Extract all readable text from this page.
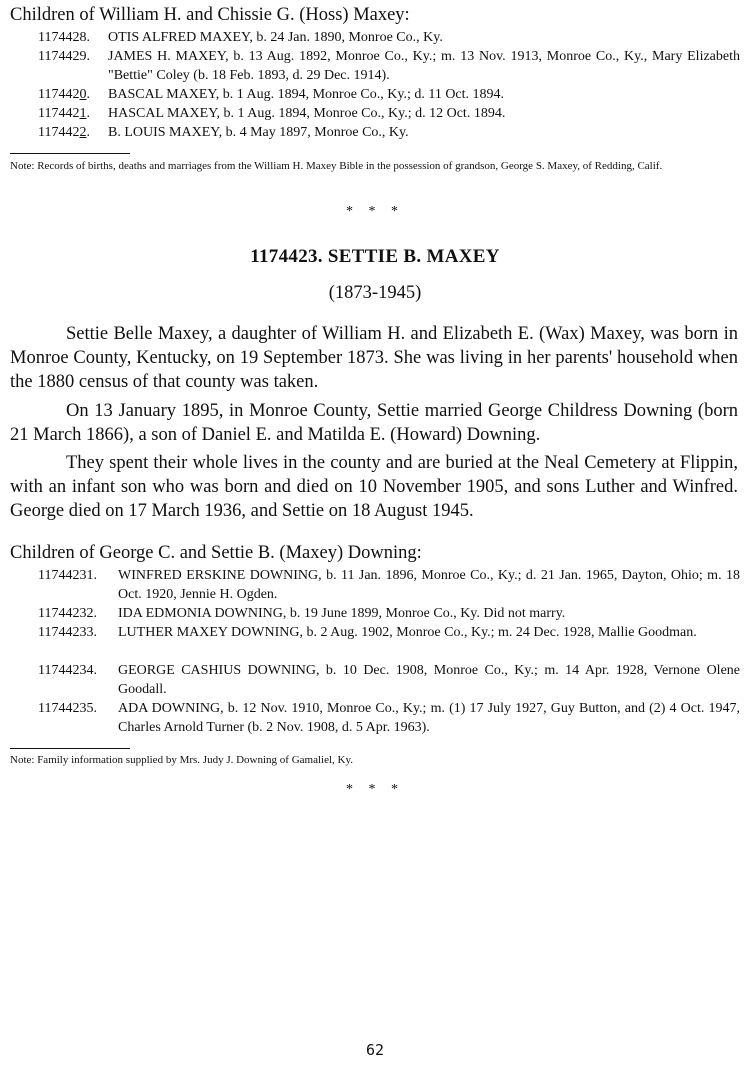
Children of William H. and Chissie G. (Hoss) Maxey:
1174428. OTIS ALFRED MAXEY, b. 24 Jan. 1890, Monroe Co., Ky.
1174429. JAMES H. MAXEY, b. 13 Aug. 1892, Monroe Co., Ky.; m. 13 Nov. 1913, Monroe Co., Ky., Mary Elizabeth "Bettie" Coley (b. 18 Feb. 1893, d. 29 Dec. 1914).
1174420. BASCAL MAXEY, b. 1 Aug. 1894, Monroe Co., Ky.; d. 11 Oct. 1894.
1174421. HASCAL MAXEY, b. 1 Aug. 1894, Monroe Co., Ky.; d. 12 Oct. 1894.
1174422. B. LOUIS MAXEY, b. 4 May 1897, Monroe Co., Ky.
Note: Records of births, deaths and marriages from the William H. Maxey Bible in the possession of grandson, George S. Maxey, of Redding, Calif.
* * *
1174423. SETTIE B. MAXEY
(1873-1945)
Settie Belle Maxey, a daughter of William H. and Elizabeth E. (Wax) Maxey, was born in Monroe County, Kentucky, on 19 September 1873. She was living in her parents' household when the 1880 census of that county was taken.
On 13 January 1895, in Monroe County, Settie married George Childress Downing (born 21 March 1866), a son of Daniel E. and Matilda E. (Howard) Downing.
They spent their whole lives in the county and are buried at the Neal Cemetery at Flippin, with an infant son who was born and died on 10 November 1905, and sons Luther and Winfred. George died on 17 March 1936, and Settie on 18 August 1945.
Children of George C. and Settie B. (Maxey) Downing:
11744231. WINFRED ERSKINE DOWNING, b. 11 Jan. 1896, Monroe Co., Ky.; d. 21 Jan. 1965, Dayton, Ohio; m. 18 Oct. 1920, Jennie H. Ogden.
11744232. IDA EDMONIA DOWNING, b. 19 June 1899, Monroe Co., Ky. Did not marry.
11744233. LUTHER MAXEY DOWNING, b. 2 Aug. 1902, Monroe Co., Ky.; m. 24 Dec. 1928, Mallie Goodman.
11744234. GEORGE CASHIUS DOWNING, b. 10 Dec. 1908, Monroe Co., Ky.; m. 14 Apr. 1928, Vernone Olene Goodall.
11744235. ADA DOWNING, b. 12 Nov. 1910, Monroe Co., Ky.; m. (1) 17 July 1927, Guy Button, and (2) 4 Oct. 1947, Charles Arnold Turner (b. 2 Nov. 1908, d. 5 Apr. 1963).
Note: Family information supplied by Mrs. Judy J. Downing of Gamaliel, Ky.
* * *
62
